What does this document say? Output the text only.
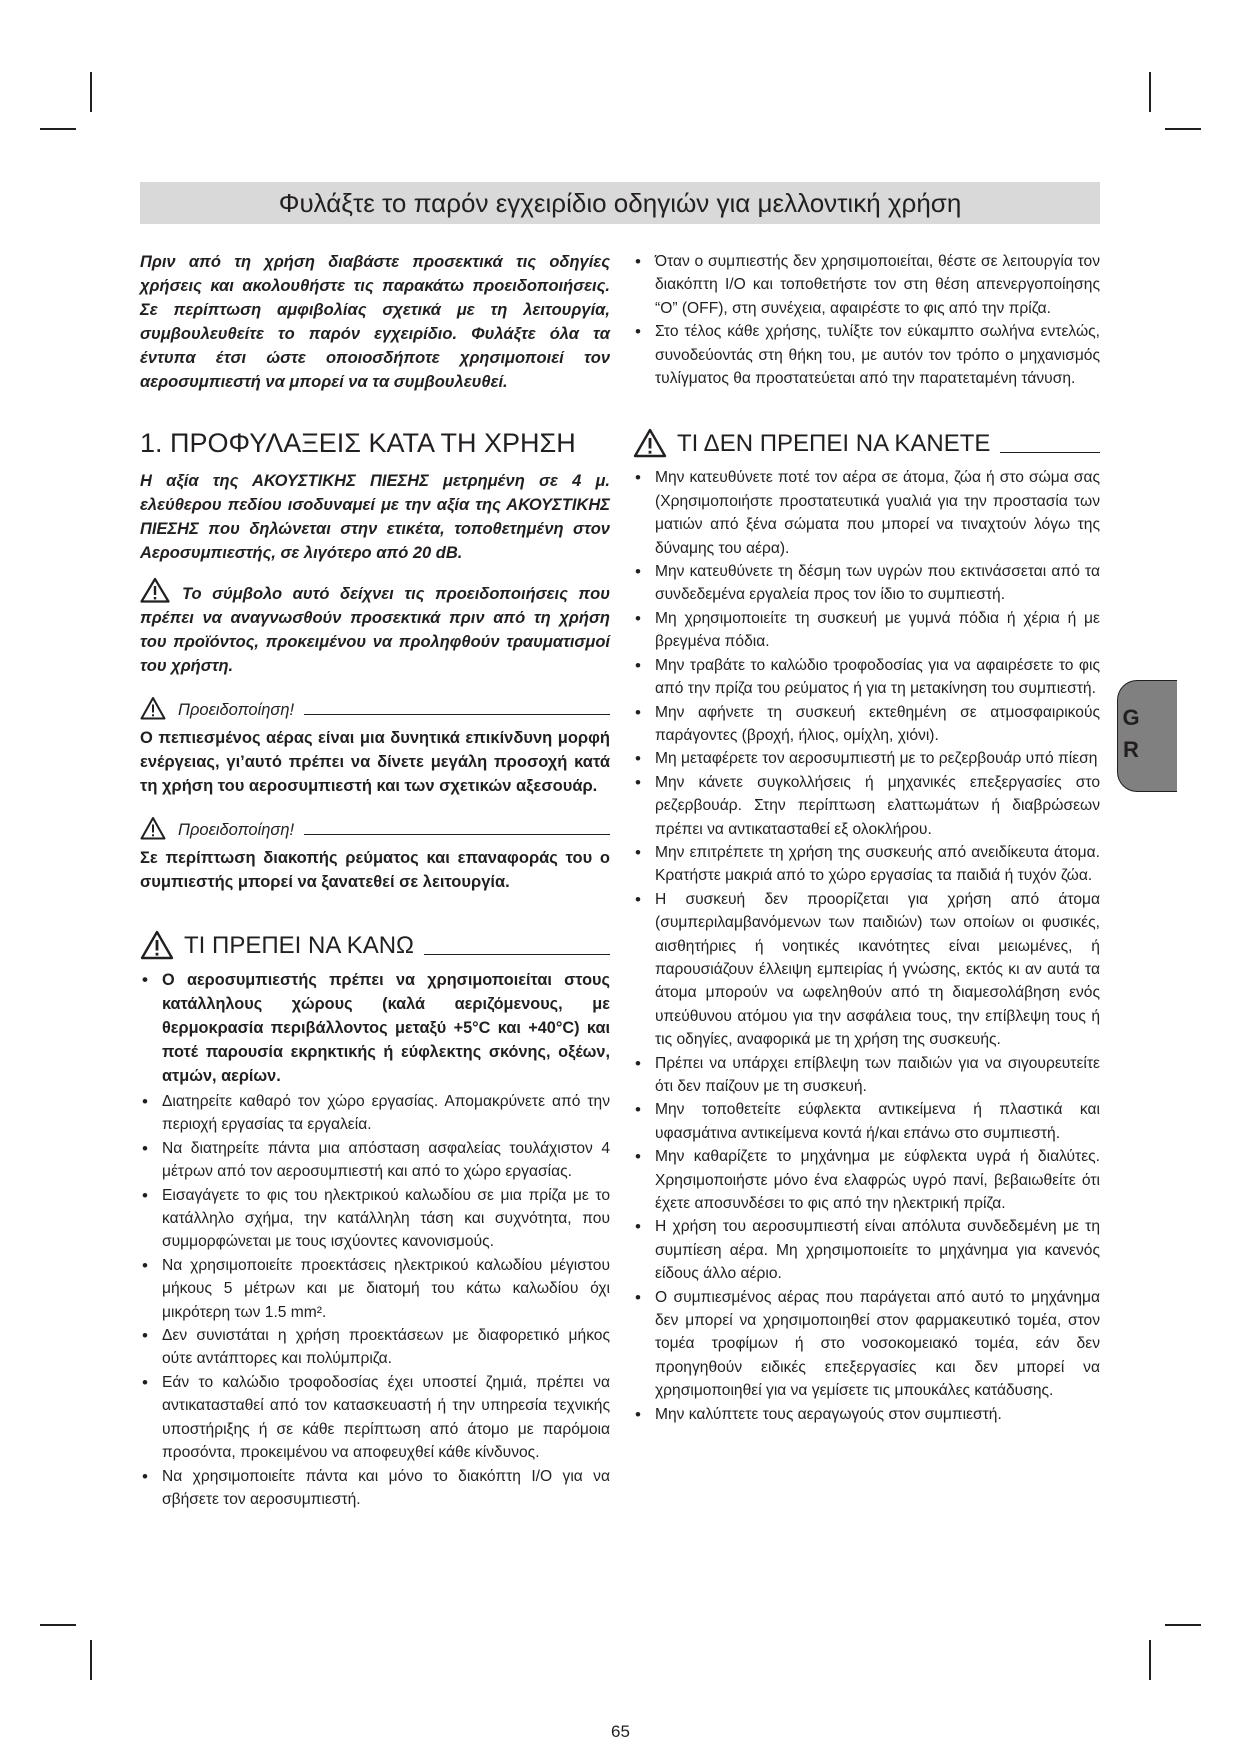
Φυλάξτε το παρόν εγχειρίδιο οδηγιών για μελλοντική χρήση

Πριν από τη χρήση διαβάστε προσεκτικά τις οδηγίες χρήσεις και ακολουθήστε τις παρακάτω προειδοποιήσεις. Σε περίπτωση αμφιβολίας σχετικά με τη λειτουργία, συμβουλευθείτε το παρόν εγχειρίδιο. Φυλάξτε όλα τα έντυπα έτσι ώστε οποιοσδήποτε χρησιμοποιεί τον αεροσυμπιεστή να μπορεί να τα συμβουλευθεί.

1. ΠΡΟΦΥΛΑΞΕΙΣ ΚΑΤΑ ΤΗ ΧΡΗΣΗ

Η αξία της ΑΚΟΥΣΤΙΚΗΣ ΠΙΕΣΗΣ μετρημένη σε 4 μ. ελεύθερου πεδίου ισοδυναμεί με την αξία της ΑΚΟΥΣΤΙΚΗΣ ΠΙΕΣΗΣ που δηλώνεται στην ετικέτα, τοποθετημένη στον Αεροσυμπιεστής, σε λιγότερο από 20 dB.

Το σύμβολο αυτό δείχνει τις προειδοποιήσεις που πρέπει να αναγνωσθούν προσεκτικά πριν από τη χρήση του προϊόντος, προκειμένου να προληφθούν τραυματισμοί του χρήστη.

Προειδοποίηση!

Ο πεπιεσμένος αέρας είναι μια δυνητικά επικίνδυνη μορφή ενέργειας, γι’αυτό πρέπει να δίνετε μεγάλη προσοχή κατά τη χρήση του αεροσυμπιεστή και των σχετικών αξεσουάρ.

Προειδοποίηση!

Σε περίπτωση διακοπής ρεύματος και επαναφοράς του ο συμπιεστής μπορεί να ξανατεθεί σε λειτουργία.

ΤΙ ΠΡΕΠΕΙ ΝΑ ΚΑΝΩ
• Ο αεροσυμπιεστής πρέπει να χρησιμοποιείται στους κατάλληλους χώρους (καλά αεριζόμενους, με θερμοκρασία περιβάλλοντος μεταξύ +5°C και +40°C) και ποτέ παρουσία εκρηκτικής ή εύφλεκτης σκόνης, οξέων, ατμών, αερίων.
• Διατηρείτε καθαρό τον χώρο εργασίας. Απομακρύνετε από την περιοχή εργασίας τα εργαλεία.
• Να διατηρείτε πάντα μια απόσταση ασφαλείας τουλάχιστον 4 μέτρων από τον αεροσυμπιεστή και από το χώρο εργασίας.
• Εισαγάγετε το φις του ηλεκτρικού καλωδίου σε μια πρίζα με το κατάλληλο σχήμα, την κατάλληλη τάση και συχνότητα, που συμμορφώνεται με τους ισχύοντες κανονισμούς.
• Να χρησιμοποιείτε προεκτάσεις ηλεκτρικού καλωδίου μέγιστου μήκους 5 μέτρων και με διατομή του κάτω καλωδίου όχι μικρότερη των 1.5 mm².
• Δεν συνιστάται η χρήση προεκτάσεων με διαφορετικό μήκος ούτε αντάπτορες και πολύμπριζα.
• Εάν το καλώδιο τροφοδοσίας έχει υποστεί ζημιά, πρέπει να αντικατασταθεί από τον κατασκευαστή ή την υπηρεσία τεχνικής υποστήριξης ή σε κάθε περίπτωση από άτομο με παρόμοια προσόντα, προκειμένου να αποφευχθεί κάθε κίνδυνος.
• Να χρησιμοποιείτε πάντα και μόνο το διακόπτη I/O για να σβήσετε τον αεροσυμπιεστή.
• Όταν ο συμπιεστής δεν χρησιμοποιείται, θέστε σε λειτουργία τον διακόπτη I/O και τοποθετήστε τον στη θέση απενεργοποίησης “O” (OFF), στη συνέχεια, αφαιρέστε το φις από την πρίζα.
• Στο τέλος κάθε χρήσης, τυλίξτε τον εύκαμπτο σωλήνα εντελώς, συνοδεύοντάς στη θήκη του, με αυτόν τον τρόπο ο μηχανισμός τυλίγματος θα προστατεύεται από την παρατεταμένη τάνυση.
ΤΙ ΔΕΝ ΠΡΕΠΕΙ ΝΑ ΚΑΝΕΤΕ
• Μην κατευθύνετε ποτέ τον αέρα σε άτομα, ζώα ή στο σώμα σας (Χρησιμοποιήστε προστατευτικά γυαλιά για την προστασία των ματιών από ξένα σώματα που μπορεί να τιναχτούν λόγω της δύναμης του αέρα).
• Μην κατευθύνετε τη δέσμη των υγρών που εκτινάσσεται από τα συνδεδεμένα εργαλεία προς τον ίδιο το συμπιεστή.
• Μη χρησιμοποιείτε τη συσκευή με γυμνά πόδια ή χέρια ή με βρεγμένα πόδια.
• Μην τραβάτε το καλώδιο τροφοδοσίας για να αφαιρέσετε το φις από την πρίζα του ρεύματος ή για τη μετακίνηση του συμπιεστή.
• Μην αφήνετε τη συσκευή εκτεθημένη σε ατμοσφαιρικούς παράγοντες (βροχή, ήλιος, ομίχλη, χιόνι).
• Μη μεταφέρετε τον αεροσυμπιεστή με το ρεζερβουάρ υπό πίεση
• Μην κάνετε συγκολλήσεις ή μηχανικές επεξεργασίες στο ρεζερβουάρ. Στην περίπτωση ελαττωμάτων ή διαβρώσεων πρέπει να αντικατασταθεί εξ ολοκλήρου.
• Μην επιτρέπετε τη χρήση της συσκευής από ανειδίκευτα άτομα. Κρατήστε μακριά από το χώρο εργασίας τα παιδιά ή τυχόν ζώα.
• Η συσκευή δεν προορίζεται για χρήση από άτομα (συμπεριλαμβανόμενων των παιδιών) των οποίων οι φυσικές, αισθητήριες ή νοητικές ικανότητες είναι μειωμένες, ή παρουσιάζουν έλλειψη εμπειρίας ή γνώσης, εκτός κι αν αυτά τα άτομα μπορούν να ωφεληθούν από τη διαμεσολάβηση ενός υπεύθυνου ατόμου για την ασφάλεια τους, την επίβλεψη τους ή τις οδηγίες, αναφορικά με τη χρήση της συσκευής.
• Πρέπει να υπάρχει επίβλεψη των παιδιών για να σιγουρευτείτε ότι δεν παίζουν με τη συσκευή.
• Μην τοποθετείτε εύφλεκτα αντικείμενα ή πλαστικά και υφασμάτινα αντικείμενα κοντά ή/και επάνω στο συμπιεστή.
• Μην καθαρίζετε το μηχάνημα με εύφλεκτα υγρά ή διαλύτες. Χρησιμοποιήστε μόνο ένα ελαφρώς υγρό πανί, βεβαιωθείτε ότι έχετε αποσυνδέσει το φις από την ηλεκτρική πρίζα.
• Η χρήση του αεροσυμπιεστή είναι απόλυτα συνδεδεμένη με τη συμπίεση αέρα. Μη χρησιμοποιείτε το μηχάνημα για κανενός είδους άλλο αέριο.
• Ο συμπιεσμένος αέρας που παράγεται από αυτό το μηχάνημα δεν μπορεί να χρησιμοποιηθεί στον φαρμακευτικό τομέα, στον τομέα τροφίμων ή στο νοσοκομειακό τομέα, εάν δεν προηγηθούν ειδικές επεξεργασίες και δεν μπορεί να χρησιμοποιηθεί για να γεμίσετε τις μπουκάλες κατάδυσης.
• Μην καλύπτετε τους αεραγωγούς στον συμπιεστή.
G
R
65
